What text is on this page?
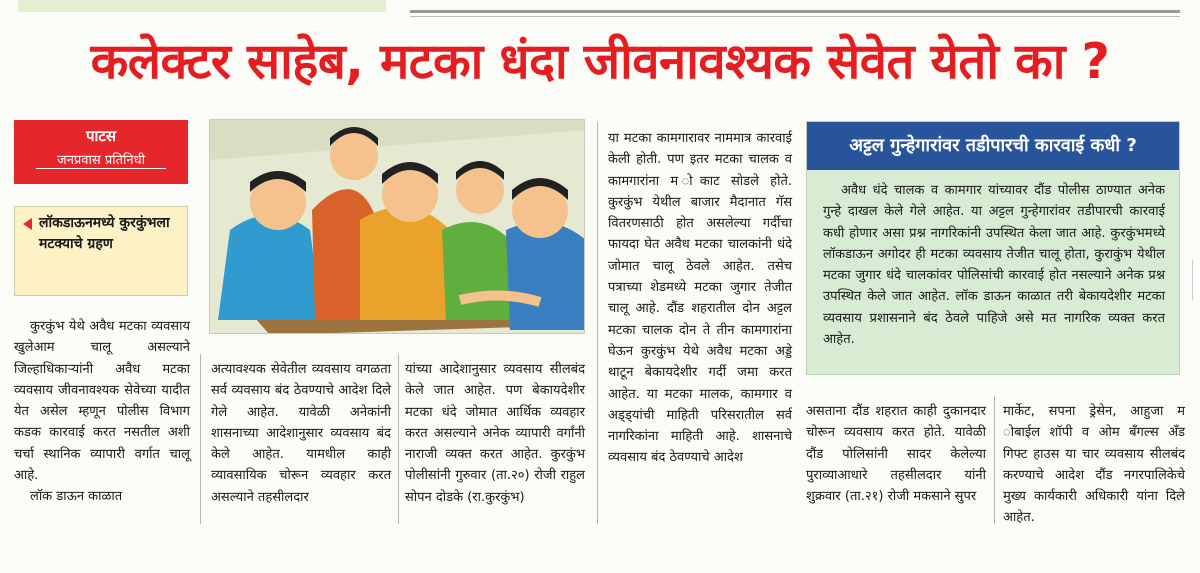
कलेक्टर साहेब, मटका धंदा जीवनावश्यक सेवेत येतो का ?
पाटस
जनप्रवास प्रतिनिधी
लॉकडाऊनमध्ये कुरकुंभला मटक्याचे ग्रहण

कुरकुंभ येथे अवैध मटका व्यवसाय खुलेआम चालू असल्याने जिल्हाधिकाऱ्यांनी अवैध मटका व्यवसाय जीवनावश्यक सेवेच्या यादीत येत असेल म्हणून पोलीस विभाग कडक कारवाई करत नसतील अशी चर्चा स्थानिक व्यापारी वर्गात चालू आहे.

लॉक डाऊन काळात

अत्यावश्यक सेवेतील व्यवसाय वगळता सर्व व्यवसाय बंद ठेवण्याचे आदेश दिले गेले आहेत. यावेळी अनेकांनी शासनाच्या आदेशानुसार व्यवसाय बंद केले आहेत. यामधील काही व्यावसायिक चोरून व्यवहार करत असल्याने तहसीलदार

यांच्या आदेशानुसार व्यवसाय सीलबंद केले जात आहेत. पण बेकायदेशीर मटका धंदे जोमात आर्थिक व्यवहार करत असल्याने अनेक व्यापारी वर्गांनी नाराजी व्यक्त करत आहेत. कुरकुंभ पोलीसांनी गुरुवार (ता.२०) रोजी राहुल सोपन दोडके (रा.कुरकुंभ)

या मटका कामगारावर नाममात्र कारवाई केली होती. पण इतर मटका चालक व कामगारांना म ोकाट सोडले होते. कुरकुंभ येथील बाजार मैदानात गॅस वितरणसाठी होत असलेल्या गर्दीचा फायदा घेत अवैध मटका चालकांनी धंदे जोमात चालू ठेवले आहेत. तसेच पत्राच्या शेडमध्ये मटका जुगार तेजीत चालू आहे. दौंड शहरातील दोन अट्टल मटका चालक दोन ते तीन कामगारांना घेऊन कुरकुंभ येथे अवैध मटका अड्डे थाटून बेकायदेशीर गर्दी जमा करत आहेत. या मटका मालक, कामगार व अड्ड्यांची माहिती परिसरातील सर्व नागरिकांना माहिती आहे. शासनाचे व्यवसाय बंद ठेवण्याचे आदेश

अट्टल गुन्हेगारांवर तडीपारची कारवाई कधी ?

अवैध धंदे चालक व कामगार यांच्यावर दौंड पोलीस ठाण्यात अनेक गुन्हे दाखल केले गेले आहेत. या अट्टल गुन्हेगारांवर तडीपारची कारवाई कधी होणार असा प्रश्न नागरिकांनी उपस्थित केला जात आहे. कुरकुंभमध्ये लॉकडाऊन अगोदर ही मटका व्यवसाय तेजीत चालू होता, कुराकुंभ येथील मटका जुगार धंदे चालकांवर पोलिसांची कारवाई होत नसल्याने अनेक प्रश्न उपस्थित केले जात आहेत. लॉक डाऊन काळात तरी बेकायदेशीर मटका व्यवसाय प्रशासनाने बंद ठेवले पाहिजे असे मत नागरिक व्यक्त करत आहेत.

असताना दौंड शहरात काही दुकानदार चोरून व्यवसाय करत होते. यावेळी दौंड पोलिसांनी सादर केलेल्या पुराव्याआधारे तहसीलदार यांनी शुक्रवार (ता.२१) रोजी मकसाने सुपर

मार्केट, सपना ड्रेसेन, आहुजा म ोबाईल शॉपी व ओम बँगल्स अँड गिफ्ट हाउस या चार व्यवसाय सीलबंद करण्याचे आदेश दौंड नगरपालिकेचे मुख्य कार्यकारी अधिकारी यांना दिले आहेत.
